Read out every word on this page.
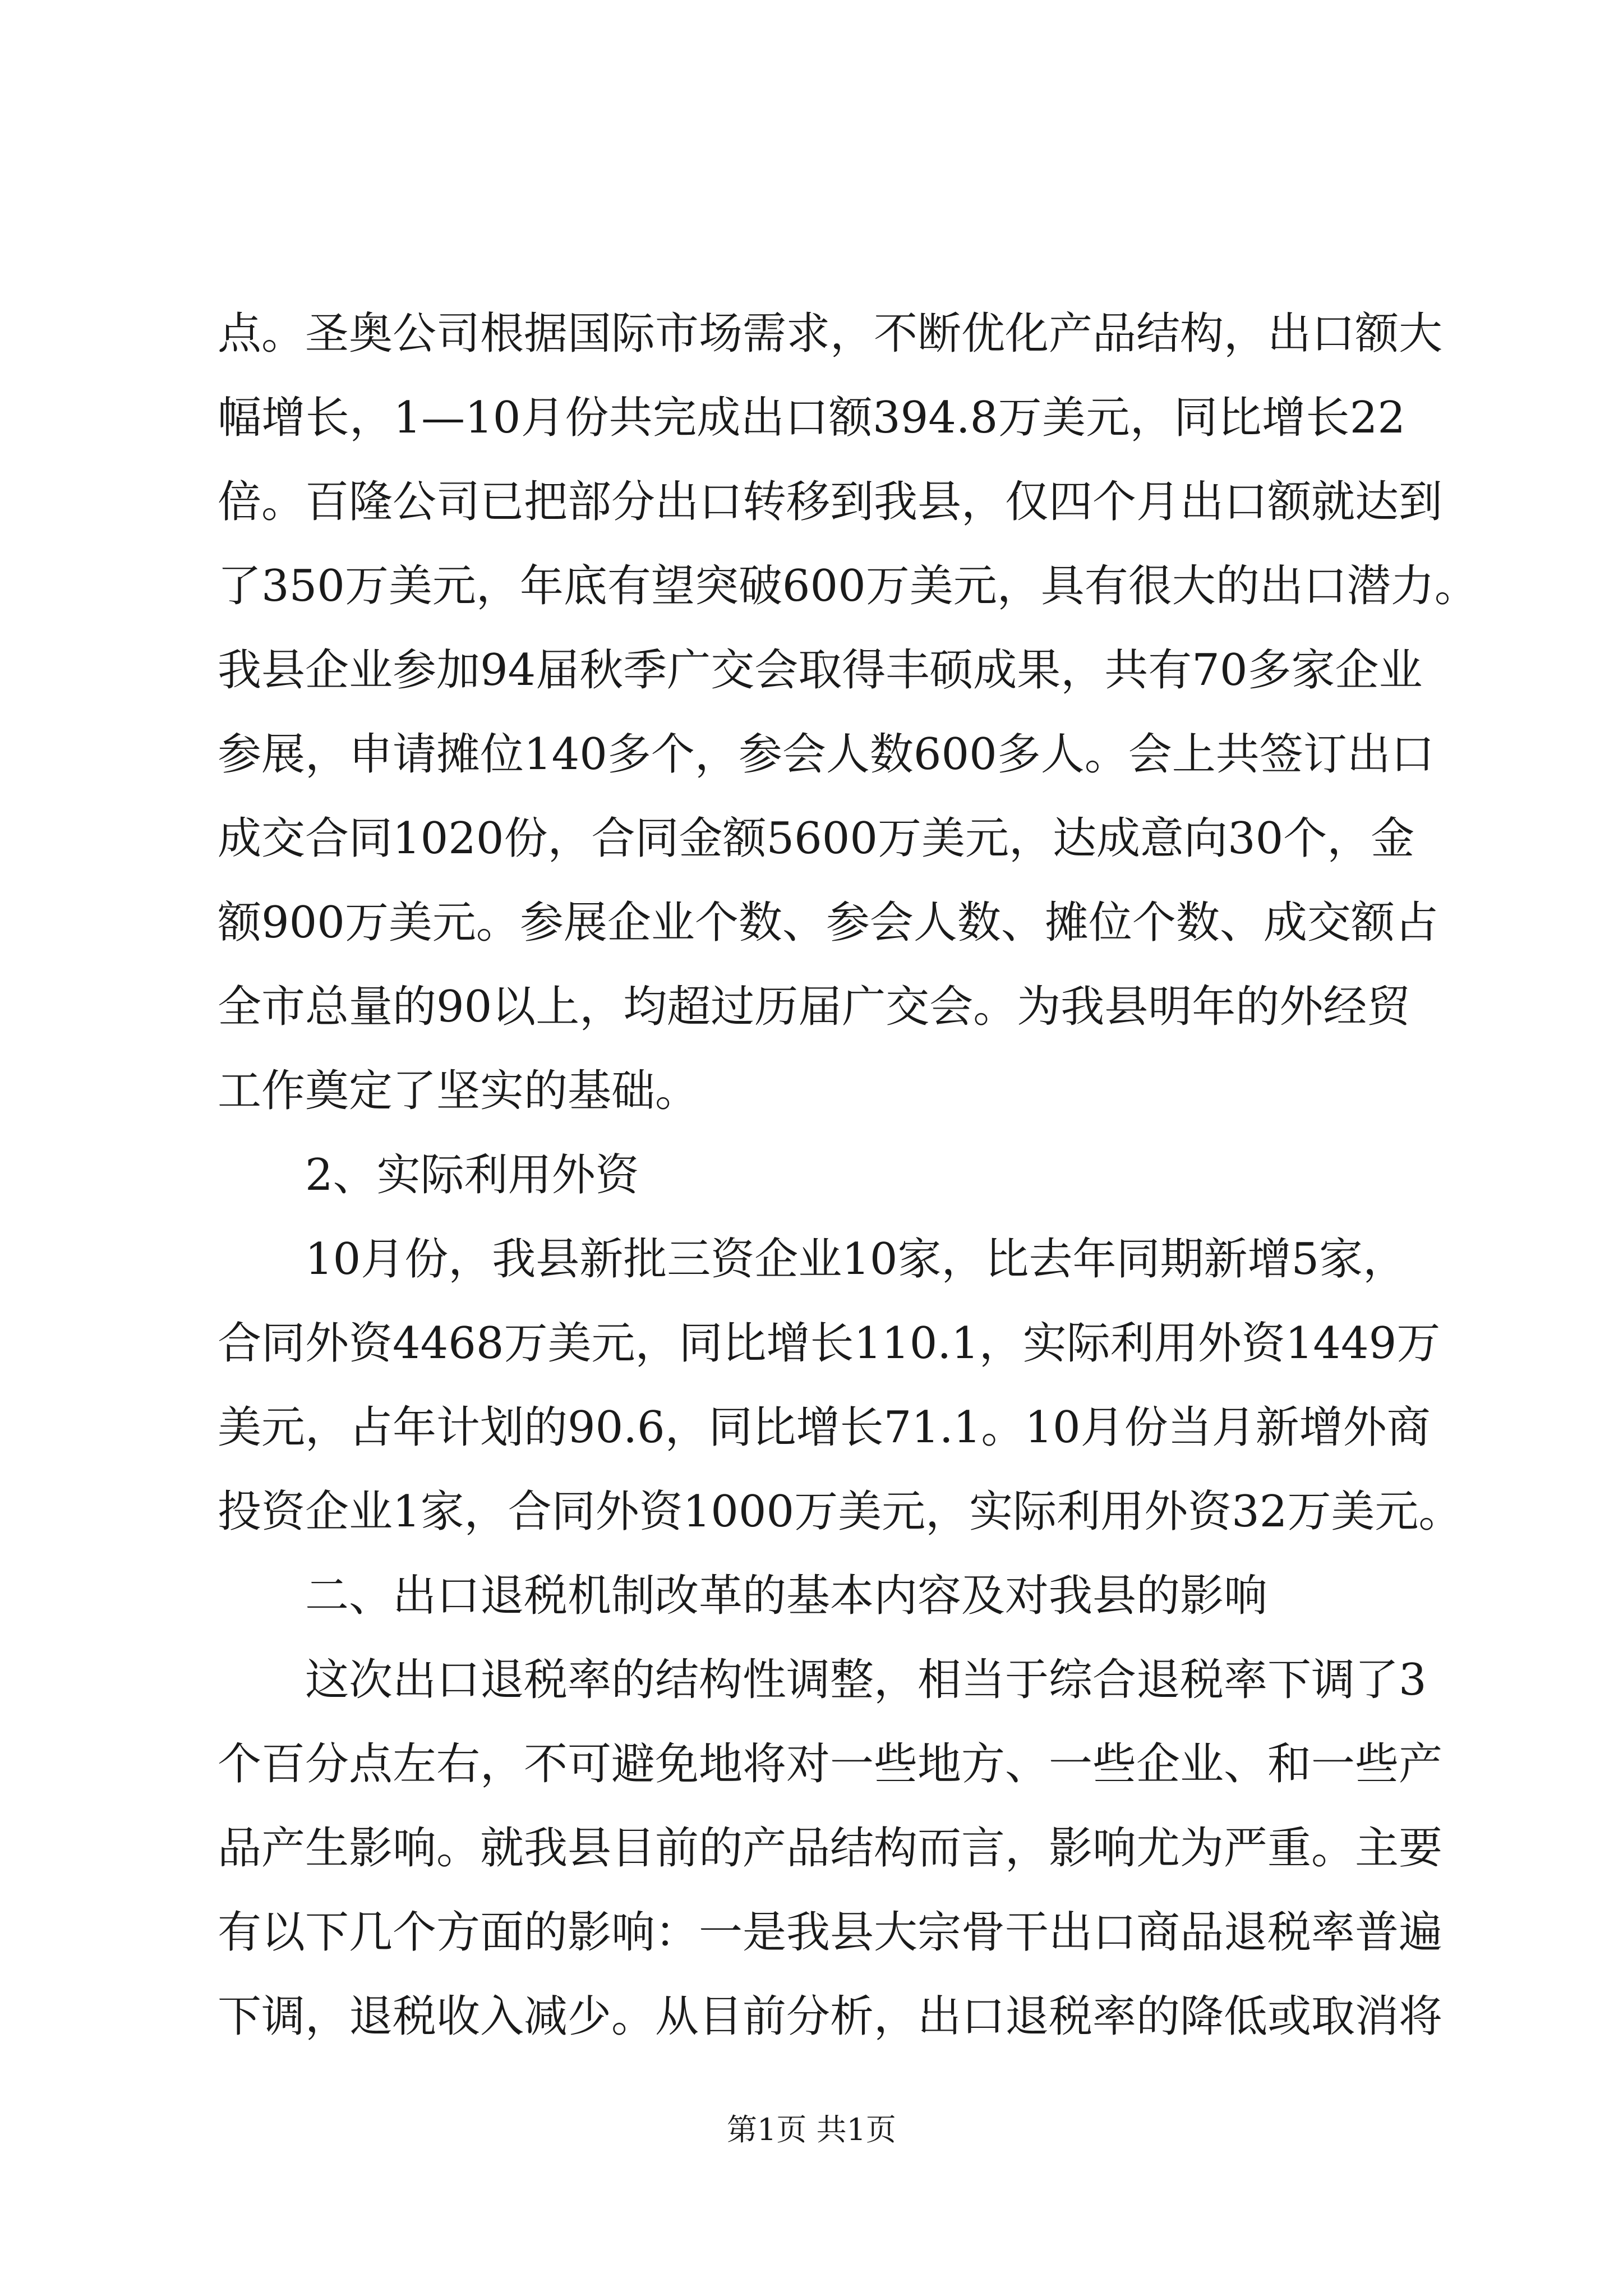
点。圣奥公司根据国际市场需求，不断优化产品结构，出口额大
幅增长，1—10月份共完成出口额394.8万美元，同比增长22
倍。百隆公司已把部分出口转移到我县，仅四个月出口额就达到
了350万美元，年底有望突破600万美元，具有很大的出口潜力。
我县企业参加94届秋季广交会取得丰硕成果，共有70多家企业
参展，申请摊位140多个，参会人数600多人。会上共签订出口
成交合同1020份，合同金额5600万美元，达成意向30个，金
额900万美元。参展企业个数、参会人数、摊位个数、成交额占
全市总量的90以上，均超过历届广交会。为我县明年的外经贸
工作奠定了坚实的基础。
2、实际利用外资
10月份，我县新批三资企业10家，比去年同期新增5家，
合同外资4468万美元，同比增长110.1，实际利用外资1449万
美元，占年计划的90.6，同比增长71.1。10月份当月新增外商
投资企业1家，合同外资1000万美元，实际利用外资32万美元。
二、出口退税机制改革的基本内容及对我县的影响
这次出口退税率的结构性调整，相当于综合退税率下调了3
个百分点左右，不可避免地将对一些地方、一些企业、和一些产
品产生影响。就我县目前的产品结构而言，影响尤为严重。主要
有以下几个方面的影响：一是我县大宗骨干出口商品退税率普遍
下调，退税收入减少。从目前分析，出口退税率的降低或取消将
第1页 共1页
